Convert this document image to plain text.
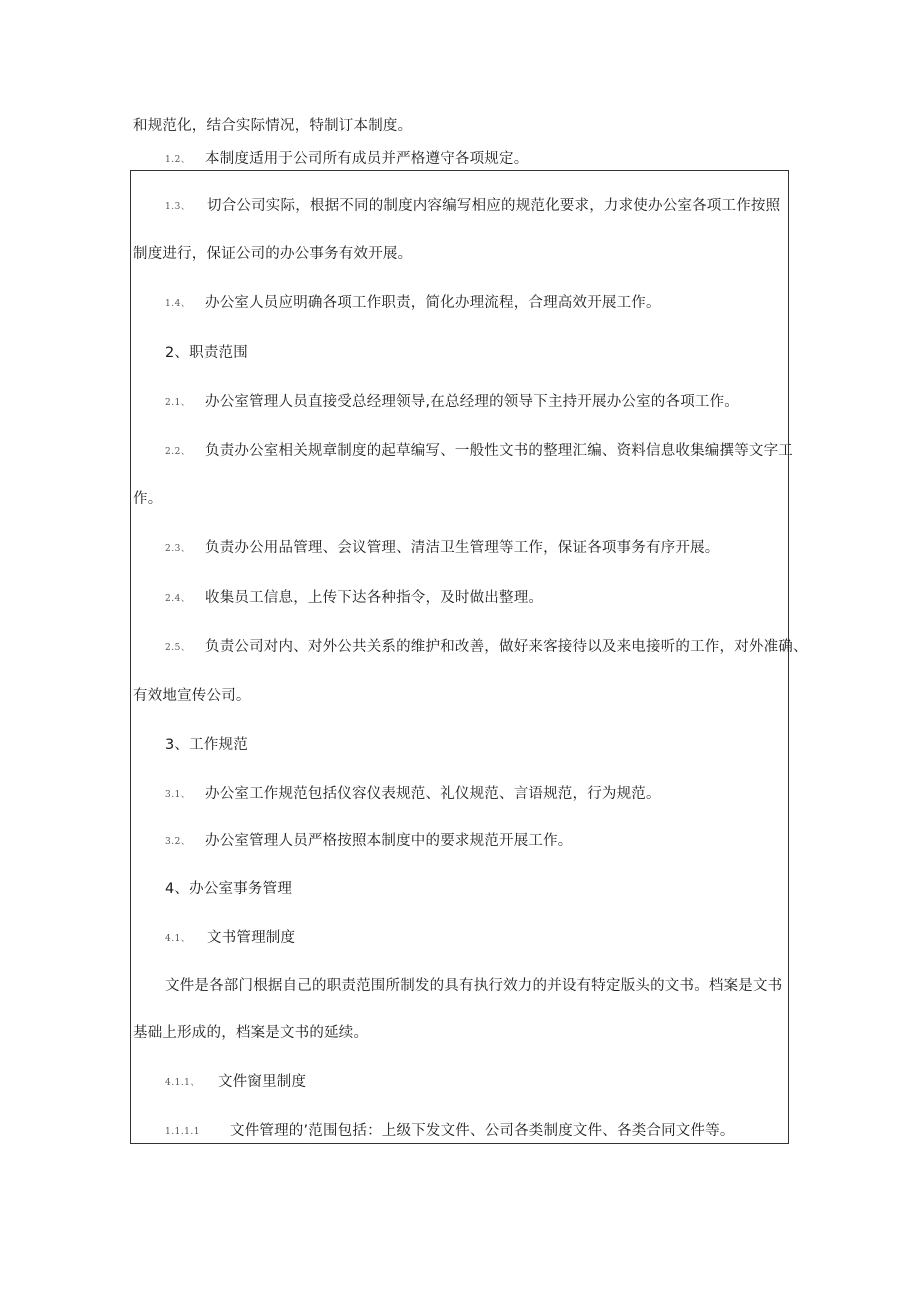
和规范化，结合实际情况，特制订本制度。
1.2、 本制度适用于公司所有成员并严格遵守各项规定。
1.3、 切合公司实际，根据不同的制度内容编写相应的规范化要求，力求使办公室各项工作按照
制度进行，保证公司的办公事务有效开展。
1.4、 办公室人员应明确各项工作职责，简化办理流程，合理高效开展工作。
2、职责范围
2.1、 办公室管理人员直接受总经理领导,在总经理的领导下主持开展办公室的各项工作。
2.2、 负责办公室相关规章制度的起草编写、一般性文书的整理汇编、资料信息收集编撰等文字工
作。
2.3、 负责办公用品管理、会议管理、清洁卫生管理等工作，保证各项事务有序开展。
2.4、 收集员工信息，上传下达各种指令，及时做出整理。
2.5、 负责公司对内、对外公共关系的维护和改善，做好来客接待以及来电接听的工作，对外准确、
有效地宣传公司。
3、工作规范
3.1、 办公室工作规范包括仪容仪表规范、礼仪规范、言语规范，行为规范。
3.2、 办公室管理人员严格按照本制度中的要求规范开展工作。
4、办公室事务管理
4.1、 文书管理制度
文件是各部门根据自己的职责范围所制发的具有执行效力的并设有特定版头的文书。档案是文书
基础上形成的，档案是文书的延续。
4.1.1、 文件窗里制度
1.1.1.1 文件管理的’范围包括：上级下发文件、公司各类制度文件、各类合同文件等。
